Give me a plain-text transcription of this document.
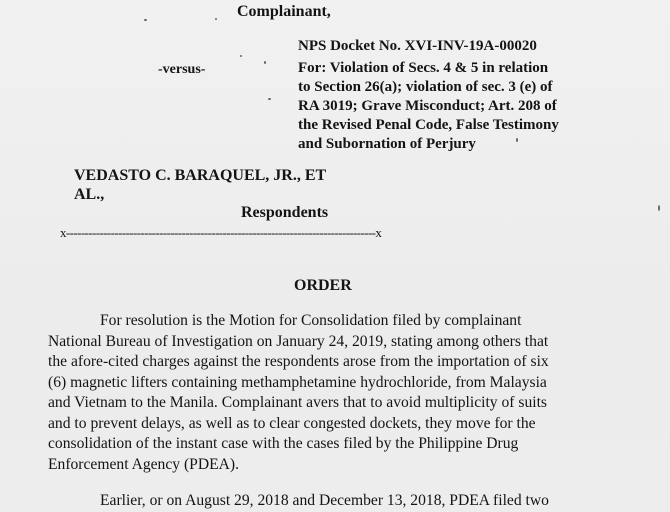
Complainant,
-versus-
NPS Docket No. XVI-INV-19A-00020
For: Violation of Secs. 4 & 5 in relation
to Section 26(a); violation of sec. 3 (e) of
RA 3019; Grave Misconduct; Art. 208 of
the Revised Penal Code, False Testimony
and Subornation of Perjury
VEDASTO C. BARAQUEL, JR., ET
AL.,
Respondents
x-----------------------------------------------------------------------------------x
ORDER
For resolution is the Motion for Consolidation filed by complainant
National Bureau of Investigation on January 24, 2019, stating among others that
the afore-cited charges against the respondents arose from the importation of six
(6) magnetic lifters containing methamphetamine hydrochloride, from Malaysia
and Vietnam to the Manila. Complainant avers that to avoid multiplicity of suits
and to prevent delays, as well as to clear congested dockets, they move for the
consolidation of the instant case with the cases filed by the Philippine Drug
Enforcement Agency (PDEA).
Earlier, or on August 29, 2018 and December 13, 2018, PDEA filed two
